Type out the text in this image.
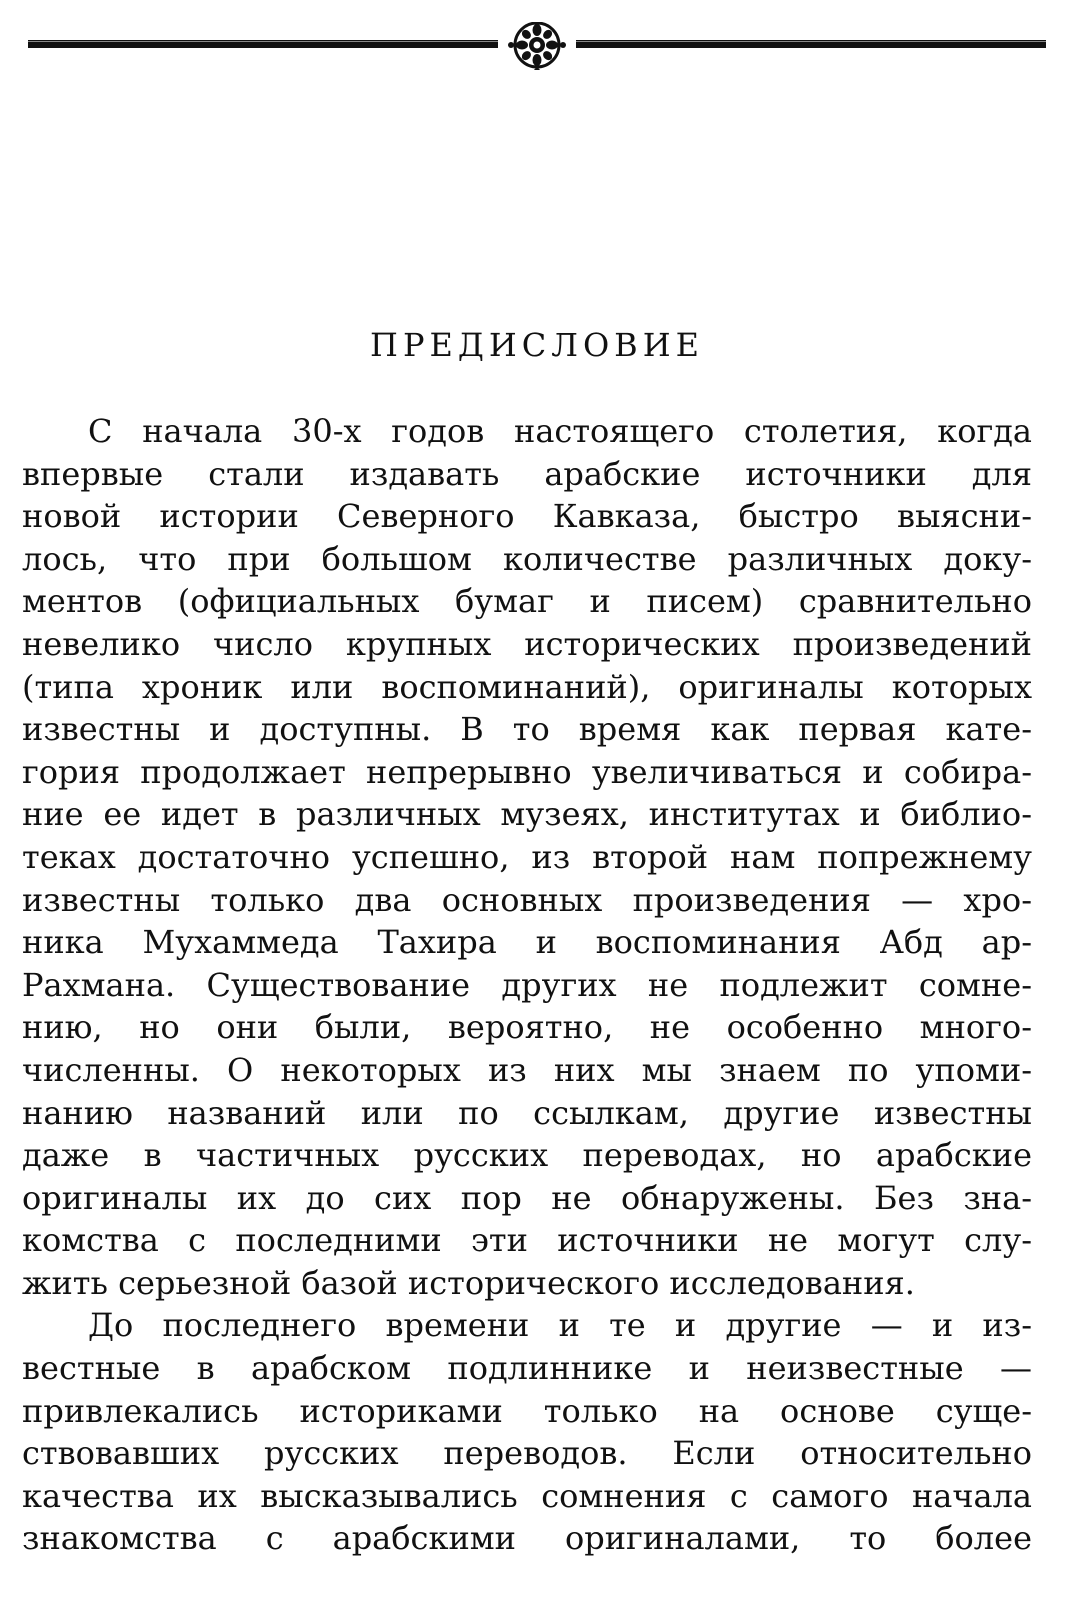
ПРЕДИСЛОВИЕ
С начала 30-х годов настоящего столетия, когда
впервые стали издавать арабские источники для
новой истории Северного Кавказа, быстро выясни-
лось, что при большом количестве различных доку-
ментов (официальных бумаг и писем) сравнительно
невелико число крупных исторических произведений
(типа хроник или воспоминаний), оригиналы которых
известны и доступны. В то время как первая кате-
гория продолжает непрерывно увеличиваться и собира-
ние ее идет в различных музеях, институтах и библио-
теках достаточно успешно, из второй нам попрежнему
известны только два основных произведения — хро-
ника Мухаммеда Тахира и воспоминания Абд ар-
Рахмана. Существование других не подлежит сомне-
нию, но они были, вероятно, не особенно много-
численны. О некоторых из них мы знаем по упоми-
нанию названий или по ссылкам, другие известны
даже в частичных русских переводах, но арабские
оригиналы их до сих пор не обнаружены. Без зна-
комства с последними эти источники не могут слу-
жить серьезной базой исторического исследования.
До последнего времени и те и другие — и из-
вестные в арабском подлиннике и неизвестные —
привлекались историками только на основе суще-
ствовавших русских переводов. Если относительно
качества их высказывались сомнения с самого начала
знакомства с арабскими оригиналами, то более
